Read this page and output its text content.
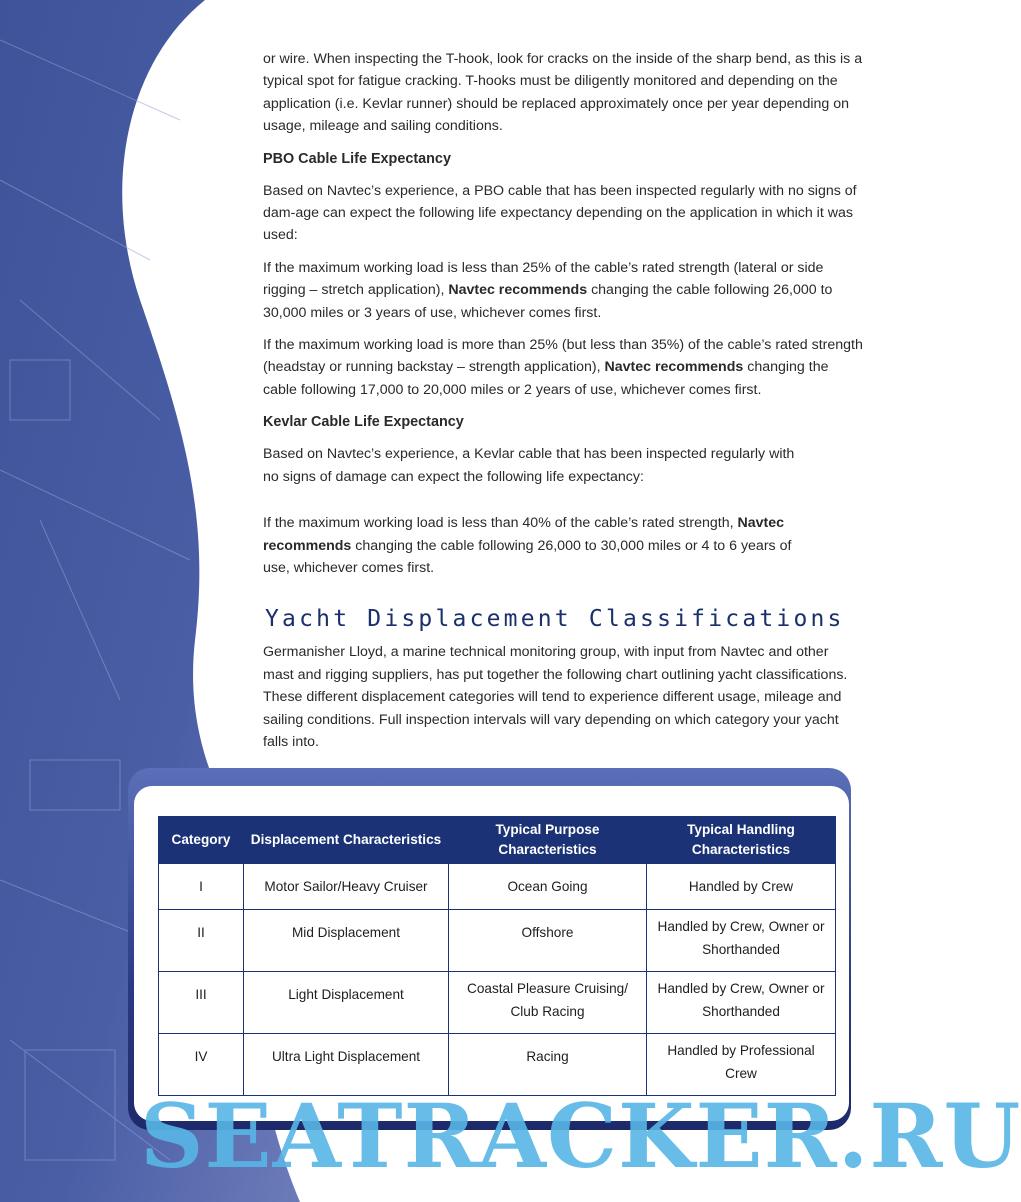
or wire. When inspecting the T-hook, look for cracks on the inside of the sharp bend, as this is a typical spot for fatigue cracking. T-hooks must be diligently monitored and depending on the application (i.e. Kevlar runner) should be replaced approximately once per year depending on usage, mileage and sailing conditions.

PBO Cable Life Expectancy

Based on Navtec’s experience, a PBO cable that has been inspected regularly with no signs of dam-age can expect the following life expectancy depending on the application in which it was used:

If the maximum working load is less than 25% of the cable’s rated strength (lateral or side rigging – stretch application), Navtec recommends changing the cable following 26,000 to 30,000 miles or 3 years of use, whichever comes first.

If the maximum working load is more than 25% (but less than 35%) of the cable’s rated strength (headstay or running backstay – strength application), Navtec recommends changing the cable following 17,000 to 20,000 miles or 2 years of use, whichever comes first.

Kevlar Cable Life Expectancy

Based on Navtec’s experience, a Kevlar cable that has been inspected regularly with no signs of damage can expect the following life expectancy:

If the maximum working load is less than 40% of the cable’s rated strength, Navtec recommends changing the cable following 26,000 to 30,000 miles or 4 to 6 years of use, whichever comes first.

Yacht Displacement Classifications

Germanisher Lloyd, a marine technical monitoring group, with input from Navtec and other mast and rigging suppliers, has put together the following chart outlining yacht classifications. These different displacement categories will tend to experience different usage, mileage and sailing conditions. Full inspection intervals will vary depending on which category your yacht falls into.

Category	Displacement Characteristics	Typical Purpose Characteristics	Typical Handling Characteristics
I	Motor Sailor/Heavy Cruiser	Ocean Going	Handled by Crew
II	Mid Displacement	Offshore	Handled by Crew, Owner or Shorthanded
III	Light Displacement	Coastal Pleasure Cruising/ Club Racing	Handled by Crew, Owner or Shorthanded
IV	Ultra Light Displacement	Racing	Handled by Professional Crew
SEATRACKER.RU
